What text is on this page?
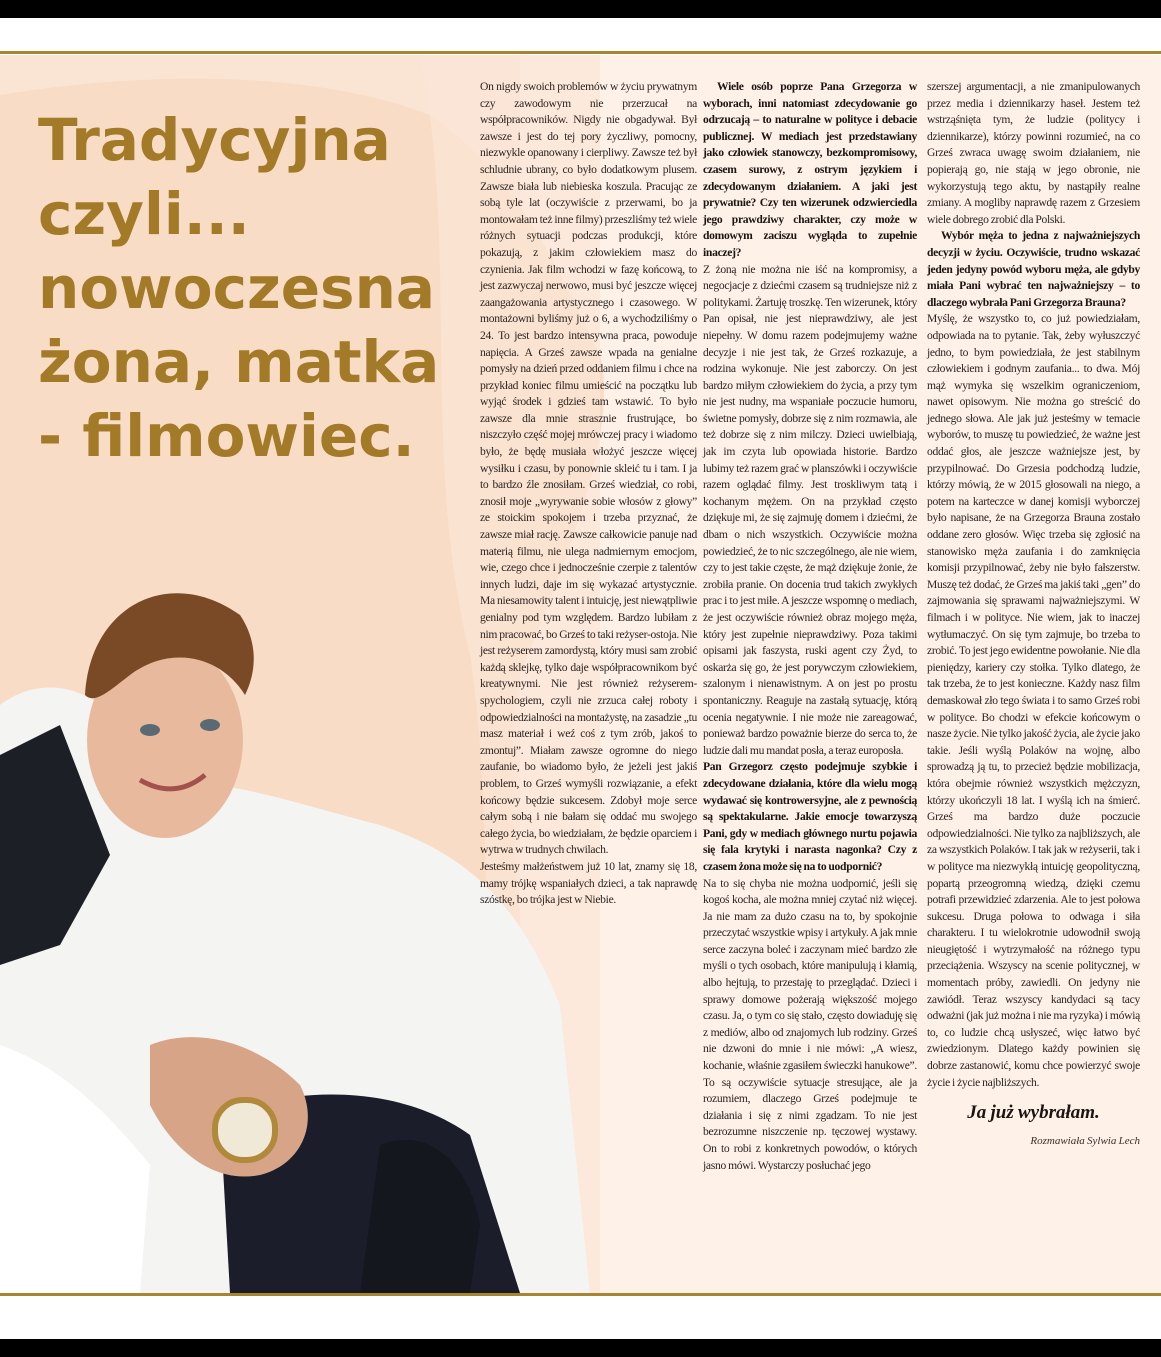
Tradycyjna
czyli...
nowoczesna
żona, matka
- filmowiec.

On nigdy swoich problemów w życiu prywatnym czy zawodowym nie przerzucał na współpracowników. Nigdy nie obgadywał. Był zawsze i jest do tej pory życzliwy, pomocny, niezwykle opanowany i cierpliwy. Zawsze też był schludnie ubrany, co było dodatkowym plusem. Zawsze biała lub niebieska koszula. Pracując ze sobą tyle lat (oczywiście z przerwami, bo ja montowałam też inne filmy) przeszliśmy też wiele różnych sytuacji podczas produkcji, które pokazują, z jakim człowiekiem masz do czynienia. Jak film wchodzi w fazę końcową, to jest zazwyczaj nerwowo, musi być jeszcze więcej zaangażowania artystycznego i czasowego. W montażowni byliśmy już o 6, a wychodziliśmy o 24. To jest bardzo intensywna praca, powoduje napięcia. A Grześ zawsze wpada na genialne pomysły na dzień przed oddaniem filmu i chce na przykład koniec filmu umieścić na początku lub wyjąć środek i gdzieś tam wstawić. To było zawsze dla mnie strasznie frustrujące, bo niszczyło część mojej mrówczej pracy i wiadomo było, że będę musiała włożyć jeszcze więcej wysiłku i czasu, by ponownie skleić tu i tam. I ja to bardzo źle znosiłam. Grześ wiedział, co robi, znosił moje „wyrywanie sobie włosów z głowy” ze stoickim spokojem i trzeba przyznać, że zawsze miał rację. Zawsze całkowicie panuje nad materią filmu, nie ulega nadmiernym emocjom, wie, czego chce i jednocześnie czerpie z talentów innych ludzi, daje im się wykazać artystycznie. Ma niesamowity talent i intuicję, jest niewątpliwie genialny pod tym względem. Bardzo lubiłam z nim pracować, bo Grześ to taki reżyser-ostoja. Nie jest reżyserem zamordystą, który musi sam zrobić każdą sklejkę, tylko daje współpracownikom być kreatywnymi. Nie jest również reżyserem-spychologiem, czyli nie zrzuca całej roboty i odpowiedzialności na montażystę, na zasadzie „tu masz materiał i weź coś z tym zrób, jakoś to zmontuj”. Miałam zawsze ogromne do niego zaufanie, bo wiadomo było, że jeżeli jest jakiś problem, to Grześ wymyśli rozwiązanie, a efekt końcowy będzie sukcesem. Zdobył moje serce całym sobą i nie bałam się oddać mu swojego całego życia, bo wiedziałam, że będzie oparciem i wytrwa w trudnych chwilach.

Jesteśmy małżeństwem już 10 lat, znamy się 18, mamy trójkę wspaniałych dzieci, a tak naprawdę szóstkę, bo trójka jest w Niebie.

Wiele osób poprze Pana Grzegorza w wyborach, inni natomiast zdecydowanie go odrzucają – to naturalne w polityce i debacie publicznej. W mediach jest przedstawiany jako człowiek stanowczy, bezkompromisowy, czasem surowy, z ostrym językiem i zdecydowanym działaniem. A jaki jest prywatnie? Czy ten wizerunek odzwierciedla jego prawdziwy charakter, czy może w domowym zaciszu wygląda to zupełnie inaczej?

Z żoną nie można nie iść na kompromisy, a negocjacje z dziećmi czasem są trudniejsze niż z politykami. Żartuję troszkę. Ten wizerunek, który Pan opisał, nie jest nieprawdziwy, ale jest niepełny. W domu razem podejmujemy ważne decyzje i nie jest tak, że Grześ rozkazuje, a rodzina wykonuje. Nie jest zaborczy. On jest bardzo miłym człowiekiem do życia, a przy tym nie jest nudny, ma wspaniałe poczucie humoru, świetne pomysły, dobrze się z nim rozmawia, ale też dobrze się z nim milczy. Dzieci uwielbiają, jak im czyta lub opowiada historie. Bardzo lubimy też razem grać w planszówki i oczywiście razem oglądać filmy. Jest troskliwym tatą i kochanym mężem. On na przykład często dziękuje mi, że się zajmuję domem i dziećmi, że dbam o nich wszystkich. Oczywiście można powiedzieć, że to nic szczególnego, ale nie wiem, czy to jest takie częste, że mąż dziękuje żonie, że zrobiła pranie. On docenia trud takich zwykłych prac i to jest miłe. A jeszcze wspomnę o mediach, że jest oczywiście również obraz mojego męża, który jest zupełnie nieprawdziwy. Poza takimi opisami jak faszysta, ruski agent czy Żyd, to oskarża się go, że jest porywczym człowiekiem, szalonym i nienawistnym. A on jest po prostu spontaniczny. Reaguje na zastałą sytuację, którą ocenia negatywnie. I nie może nie zareagować, ponieważ bardzo poważnie bierze do serca to, że ludzie dali mu mandat posła, a teraz europosła.

Pan Grzegorz często podejmuje szybkie i zdecydowane działania, które dla wielu mogą wydawać się kontrowersyjne, ale z pewnością są spektakularne. Jakie emocje towarzyszą Pani, gdy w mediach głównego nurtu pojawia się fala krytyki i narasta nagonka? Czy z czasem żona może się na to uodpornić?

Na to się chyba nie można uodpornić, jeśli się kogoś kocha, ale można mniej czytać niż więcej. Ja nie mam za dużo czasu na to, by spokojnie przeczytać wszystkie wpisy i artykuły. A jak mnie serce zaczyna boleć i zaczynam mieć bardzo złe myśli o tych osobach, które manipulują i kłamią, albo hejtują, to przestaję to przeglądać. Dzieci i sprawy domowe pożerają większość mojego czasu. Ja, o tym co się stało, często dowiaduję się z mediów, albo od znajomych lub rodziny. Grześ nie dzwoni do mnie i nie mówi: „A wiesz, kochanie, właśnie zgasiłem świeczki hanukowe”. To są oczywiście sytuacje stresujące, ale ja rozumiem, dlaczego Grześ podejmuje te działania i się z nimi zgadzam. To nie jest bezrozumne niszczenie np. tęczowej wystawy. On to robi z konkretnych powodów, o których jasno mówi. Wystarczy posłuchać jego

szerszej argumentacji, a nie zmanipulowanych przez media i dziennikarzy haseł. Jestem też wstrząśnięta tym, że ludzie (politycy i dziennikarze), którzy powinni rozumieć, na co Grześ zwraca uwagę swoim działaniem, nie popierają go, nie stają w jego obronie, nie wykorzystują tego aktu, by nastąpiły realne zmiany. A mogliby naprawdę razem z Grzesiem wiele dobrego zrobić dla Polski.

Wybór męża to jedna z najważniejszych decyzji w życiu. Oczywiście, trudno wskazać jeden jedyny powód wyboru męża, ale gdyby miała Pani wybrać ten najważniejszy – to dlaczego wybrała Pani Grzegorza Brauna?

Myślę, że wszystko to, co już powiedziałam, odpowiada na to pytanie. Tak, żeby wyłuszczyć jedno, to bym powiedziała, że jest stabilnym człowiekiem i godnym zaufania... to dwa. Mój mąż wymyka się wszelkim ograniczeniom, nawet opisowym. Nie można go streścić do jednego słowa. Ale jak już jesteśmy w temacie wyborów, to muszę tu powiedzieć, że ważne jest oddać głos, ale jeszcze ważniejsze jest, by przypilnować. Do Grzesia podchodzą ludzie, którzy mówią, że w 2015 głosowali na niego, a potem na karteczce w danej komisji wyborczej było napisane, że na Grzegorza Brauna zostało oddane zero głosów. Więc trzeba się zgłosić na stanowisko męża zaufania i do zamknięcia komisji przypilnować, żeby nie było fałszerstw. Muszę też dodać, że Grześ ma jakiś taki „gen” do zajmowania się sprawami najważniejszymi. W filmach i w polityce. Nie wiem, jak to inaczej wytłumaczyć. On się tym zajmuje, bo trzeba to zrobić. To jest jego ewidentne powołanie. Nie dla pieniędzy, kariery czy stołka. Tylko dlatego, że tak trzeba, że to jest konieczne. Każdy nasz film demaskował zło tego świata i to samo Grześ robi w polityce. Bo chodzi w efekcie końcowym o nasze życie. Nie tylko jakość życia, ale życie jako takie. Jeśli wyślą Polaków na wojnę, albo sprowadzą ją tu, to przecież będzie mobilizacja, która obejmie również wszystkich mężczyzn, którzy ukończyli 18 lat. I wyślą ich na śmierć. Grześ ma bardzo duże poczucie odpowiedzialności. Nie tylko za najbliższych, ale za wszystkich Polaków. I tak jak w reżyserii, tak i w polityce ma niezwykłą intuicję geopolityczną, popartą przeogromną wiedzą, dzięki czemu potrafi przewidzieć zdarzenia. Ale to jest połowa sukcesu. Druga połowa to odwaga i siła charakteru. I tu wielokrotnie udowodnił swoją nieugiętość i wytrzymałość na różnego typu przeciążenia. Wszyscy na scenie politycznej, w momentach próby, zawiedli. On jedyny nie zawiódł. Teraz wszyscy kandydaci są tacy odważni (jak już można i nie ma ryzyka) i mówią to, co ludzie chcą usłyszeć, więc łatwo być zwiedzionym. Dlatego każdy powinien się dobrze zastanowić, komu chce powierzyć swoje życie i życie najbliższych.

Ja już wybrałam.

Rozmawiała Sylwia Lech
